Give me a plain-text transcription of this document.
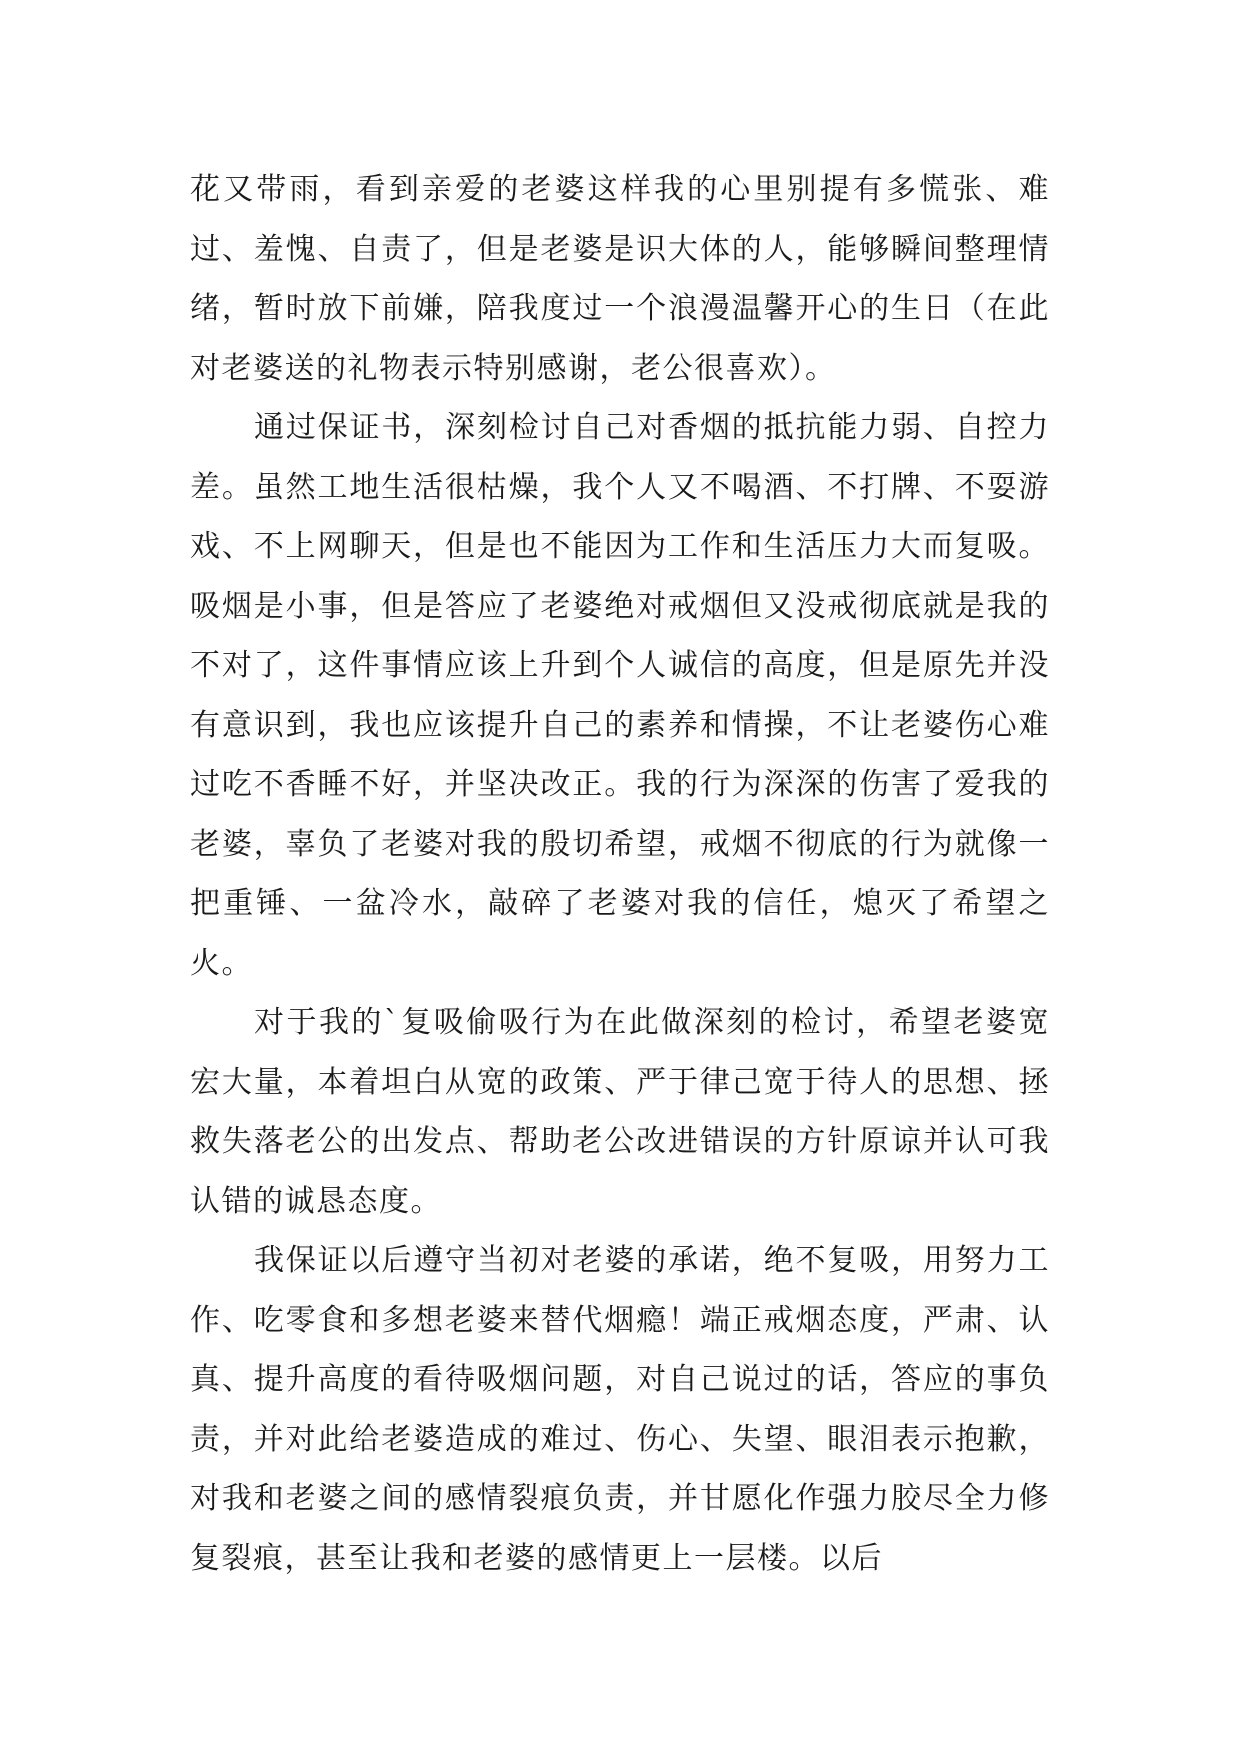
花又带雨，看到亲爱的老婆这样我的心里别提有多慌张、难过、羞愧、自责了，但是老婆是识大体的人，能够瞬间整理情绪，暂时放下前嫌，陪我度过一个浪漫温馨开心的生日（在此对老婆送的礼物表示特别感谢，老公很喜欢）。

通过保证书，深刻检讨自己对香烟的抵抗能力弱、自控力差。虽然工地生活很枯燥，我个人又不喝酒、不打牌、不耍游戏、不上网聊天，但是也不能因为工作和生活压力大而复吸。吸烟是小事，但是答应了老婆绝对戒烟但又没戒彻底就是我的不对了，这件事情应该上升到个人诚信的高度，但是原先并没有意识到，我也应该提升自己的素养和情操，不让老婆伤心难过吃不香睡不好，并坚决改正。我的行为深深的伤害了爱我的老婆，辜负了老婆对我的殷切希望，戒烟不彻底的行为就像一把重锤、一盆冷水，敲碎了老婆对我的信任，熄灭了希望之火。

对于我的`复吸偷吸行为在此做深刻的检讨，希望老婆宽宏大量，本着坦白从宽的政策、严于律己宽于待人的思想、拯救失落老公的出发点、帮助老公改进错误的方针原谅并认可我认错的诚恳态度。

我保证以后遵守当初对老婆的承诺，绝不复吸，用努力工作、吃零食和多想老婆来替代烟瘾！端正戒烟态度，严肃、认真、提升高度的看待吸烟问题，对自己说过的话，答应的事负责，并对此给老婆造成的难过、伤心、失望、眼泪表示抱歉，对我和老婆之间的感情裂痕负责，并甘愿化作强力胶尽全力修复裂痕，甚至让我和老婆的感情更上一层楼。以后
